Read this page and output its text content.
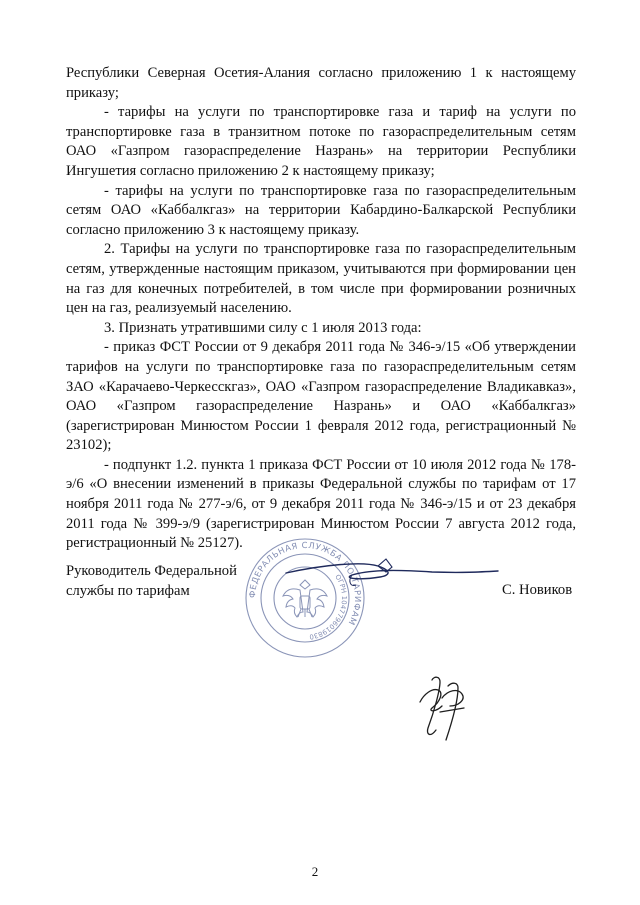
Республики Северная Осетия-Алания согласно приложению 1 к настоящему приказу;

- тарифы на услуги по транспортировке газа и тариф на услуги по транспортировке газа в транзитном потоке по газораспределительным сетям ОАО «Газпром газораспределение Назрань» на территории Республики Ингушетия согласно приложению 2 к настоящему приказу;

- тарифы на услуги по транспортировке газа по газораспределительным сетям ОАО «Каббалкгаз» на территории Кабардино-Балкарской Республики согласно приложению 3 к настоящему приказу.

2. Тарифы на услуги по транспортировке газа по газораспределительным сетям, утвержденные настоящим приказом, учитываются при формировании цен на газ для конечных потребителей, в том числе при формировании розничных цен на газ, реализуемый населению.

3. Признать утратившими силу с 1 июля 2013 года:

- приказ ФСТ России от 9 декабря 2011 года № 346-э/15 «Об утверждении тарифов на услуги по транспортировке газа по газораспределительным сетям ЗАО «Карачаево-Черкесскгаз», ОАО «Газпром газораспределение Владикавказ», ОАО «Газпром газораспределение Назрань» и ОАО «Каббалкгаз» (зарегистрирован Минюстом России 1 февраля 2012 года, регистрационный № 23102);

- подпункт 1.2. пункта 1 приказа ФСТ России от 10 июля 2012 года № 178-э/6 «О внесении изменений в приказы Федеральной службы по тарифам от 17 ноября 2011 года № 277-э/6, от 9 декабря 2011 года № 346-э/15 и от 23 декабря 2011 года № 399-э/9 (зарегистрирован Минюстом России 7 августа 2012 года, регистрационный № 25127).

Руководитель Федеральной
службы по тарифам	С. Новиков
ФЕДЕРАЛЬНАЯ СЛУЖБА ПО ТАРИФАМ
ОГРН 1047796019830
2
